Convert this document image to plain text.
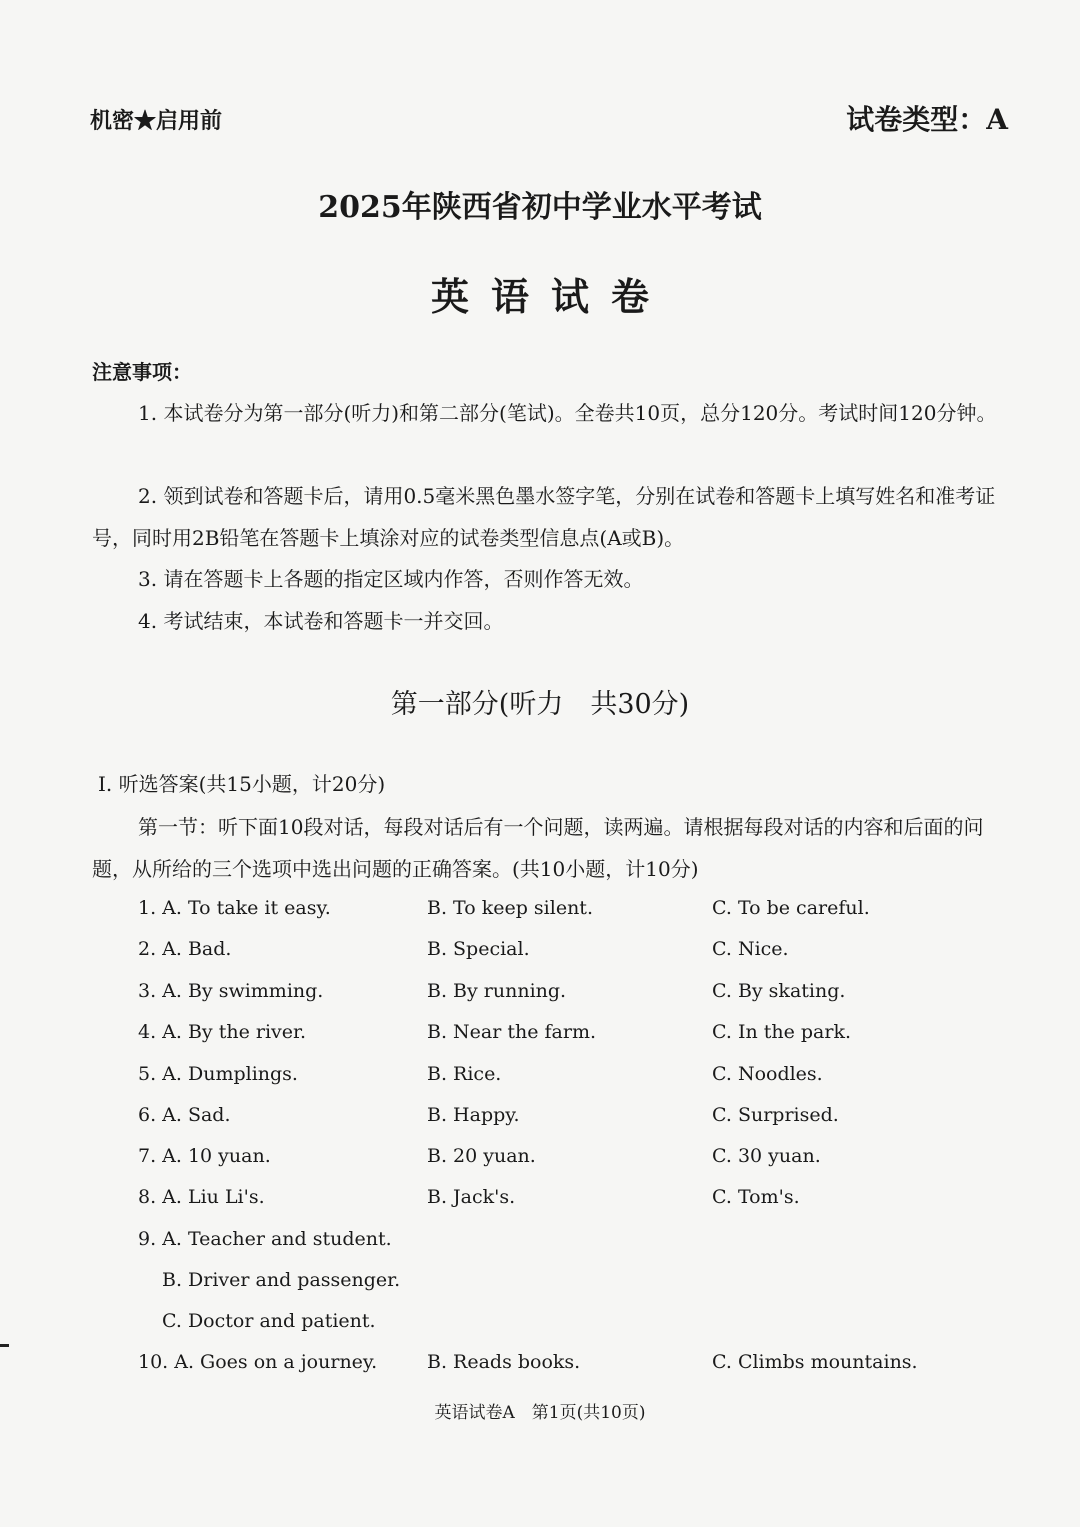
机密★启用前	试卷类型：A
2025年陕西省初中学业水平考试
英语试卷
注意事项：
1. 本试卷分为第一部分(听力)和第二部分(笔试)。全卷共10页，总分120分。考试时间120分钟。
2. 领到试卷和答题卡后，请用0.5毫米黑色墨水签字笔，分别在试卷和答题卡上填写姓名和准考证号，同时用2B铅笔在答题卡上填涂对应的试卷类型信息点(A或B)。
3. 请在答题卡上各题的指定区域内作答，否则作答无效。
4. 考试结束，本试卷和答题卡一并交回。
第一部分(听力　共30分)
Ⅰ. 听选答案(共15小题，计20分)
第一节：听下面10段对话，每段对话后有一个问题，读两遍。请根据每段对话的内容和后面的问题，从所给的三个选项中选出问题的正确答案。(共10小题，计10分)
1. A. To take it easy.	B. To keep silent.	C. To be careful.
2. A. Bad.	B. Special.	C. Nice.
3. A. By swimming.	B. By running.	C. By skating.
4. A. By the river.	B. Near the farm.	C. In the park.
5. A. Dumplings.	B. Rice.	C. Noodles.
6. A. Sad.	B. Happy.	C. Surprised.
7. A. 10 yuan.	B. 20 yuan.	C. 30 yuan.
8. A. Liu Li's.	B. Jack's.	C. Tom's.
9. A. Teacher and student.
B. Driver and passenger.
C. Doctor and patient.
10. A. Goes on a journey.	B. Reads books.	C. Climbs mountains.
英语试卷A　第1页(共10页)
